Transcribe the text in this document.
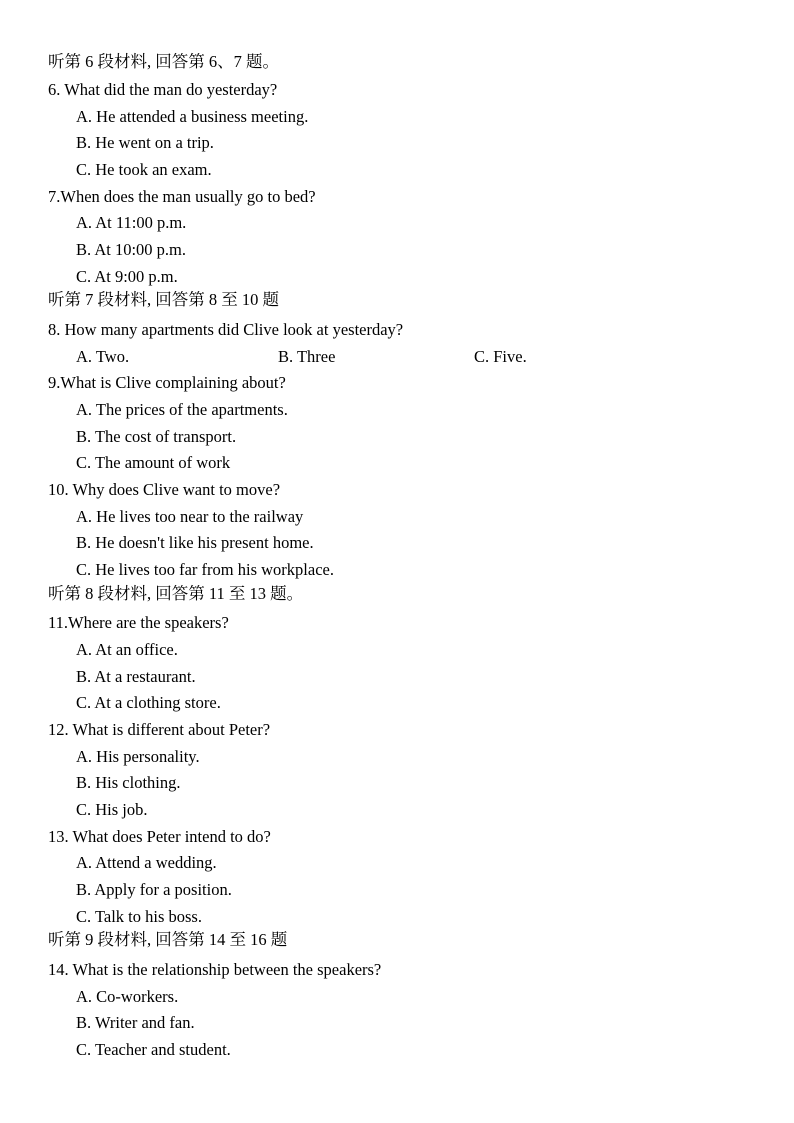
听第 6 段材料, 回答第 6、7 题。
6. What did the man do yesterday?
A. He attended a business meeting.
B. He went on a trip.
C. He took an exam.
7.When does the man usually go to bed?
A. At 11:00 p.m.
B. At 10:00 p.m.
C. At 9:00 p.m.
听第 7 段材料, 回答第 8 至 10 题
8. How many apartments did Clive look at yesterday?
A. Two.	B. Three	C. Five.
9.What is Clive complaining about?
A. The prices of the apartments.
B. The cost of transport.
C. The amount of work
10. Why does Clive want to move?
A. He lives too near to the railway
B. He doesn't like his present home.
C. He lives too far from his workplace.
听第 8 段材料, 回答第 11 至 13 题。
11.Where are the speakers?
A. At an office.
B. At a restaurant.
C. At a clothing store.
12. What is different about Peter?
A. His personality.
B. His clothing.
C. His job.
13. What does Peter intend to do?
A. Attend a wedding.
B. Apply for a position.
C. Talk to his boss.
听第 9 段材料, 回答第 14 至 16 题
14. What is the relationship between the speakers?
A. Co-workers.
B. Writer and fan.
C. Teacher and student.
